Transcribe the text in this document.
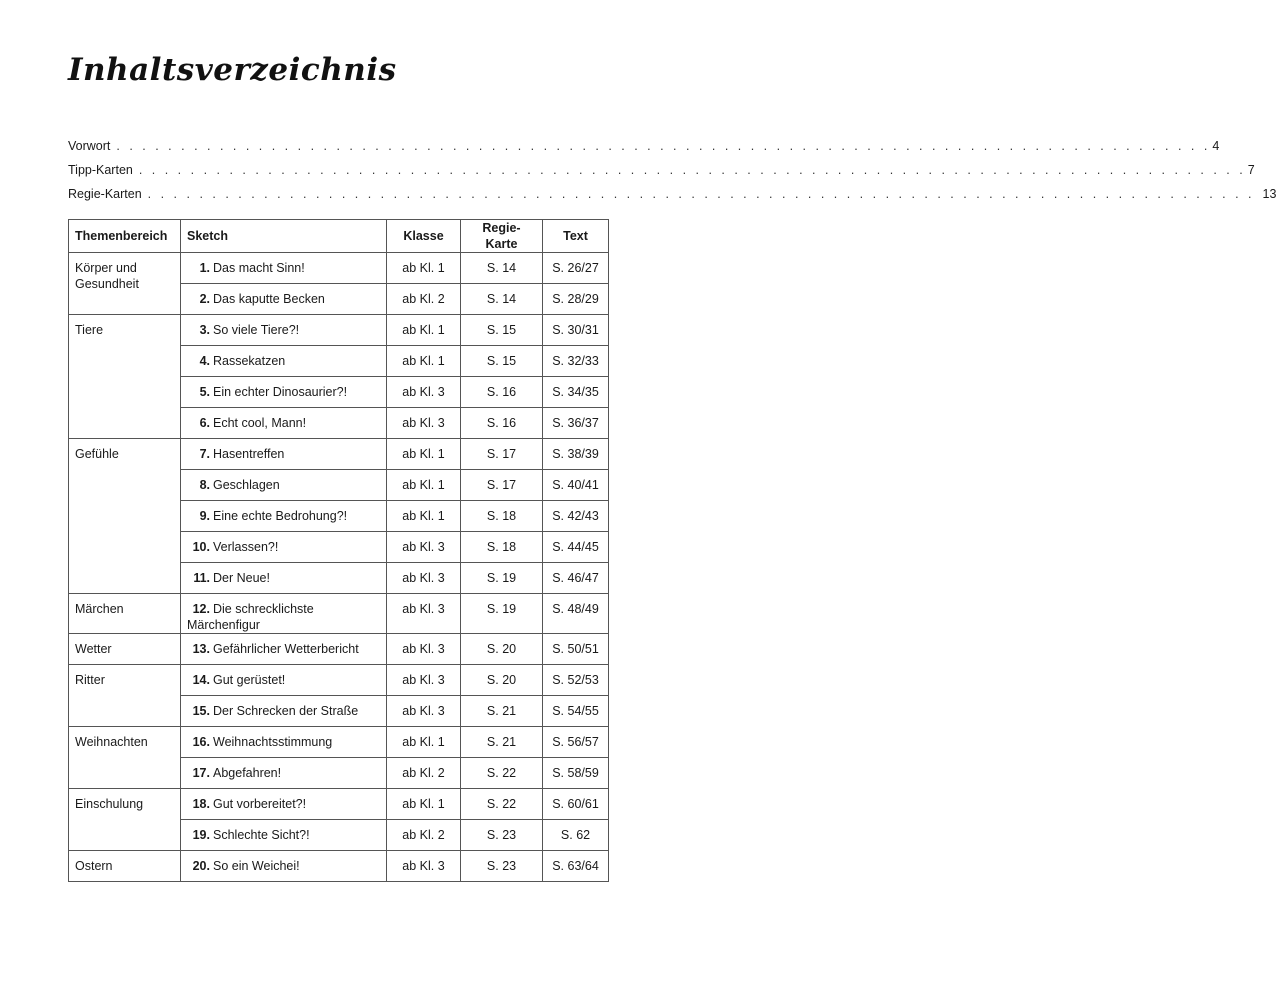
Inhaltsverzeichnis
Vorwort . . . . . . . . . . . . . . . . . . . . . . . . . . . . . . . . . . . . . . . . . . . . . . . . . . . . . . . . . . . . . . . . . . . . . . . . . . . . . . . . . . . . . 4
Tipp-Karten . . . . . . . . . . . . . . . . . . . . . . . . . . . . . . . . . . . . . . . . . . . . . . . . . . . . . . . . . . . . . . . . . . . . . . . . . . . . . . . . . . . . . . 7
Regie-Karten . . . . . . . . . . . . . . . . . . . . . . . . . . . . . . . . . . . . . . . . . . . . . . . . . . . . . . . . . . . . . . . . . . . . . . . . . . . . . . . . . . . . . . 13
Themenbereich	Sketch	Klasse	Regie-Karte	Text
Körper und Gesundheit	1. Das macht Sinn!	ab Kl. 1	S. 14	S. 26/27
	2. Das kaputte Becken	ab Kl. 2	S. 14	S. 28/29
Tiere	3. So viele Tiere?!	ab Kl. 1	S. 15	S. 30/31
	4. Rassekatzen	ab Kl. 1	S. 15	S. 32/33
	5. Ein echter Dinosaurier?!	ab Kl. 3	S. 16	S. 34/35
	6. Echt cool, Mann!	ab Kl. 3	S. 16	S. 36/37
Gefühle	7. Hasentreffen	ab Kl. 1	S. 17	S. 38/39
	8. Geschlagen	ab Kl. 1	S. 17	S. 40/41
	9. Eine echte Bedrohung?!	ab Kl. 1	S. 18	S. 42/43
	10. Verlassen?!	ab Kl. 3	S. 18	S. 44/45
	11. Der Neue!	ab Kl. 3	S. 19	S. 46/47
Märchen	12. Die schrecklichste Märchenfigur	ab Kl. 3	S. 19	S. 48/49
Wetter	13. Gefährlicher Wetterbericht	ab Kl. 3	S. 20	S. 50/51
Ritter	14. Gut gerüstet!	ab Kl. 3	S. 20	S. 52/53
	15. Der Schrecken der Straße	ab Kl. 3	S. 21	S. 54/55
Weihnachten	16. Weihnachtsstimmung	ab Kl. 1	S. 21	S. 56/57
	17. Abgefahren!	ab Kl. 2	S. 22	S. 58/59
Einschulung	18. Gut vorbereitet?!	ab Kl. 1	S. 22	S. 60/61
	19. Schlechte Sicht?!	ab Kl. 2	S. 23	S. 62
Ostern	20. So ein Weichei!	ab Kl. 3	S. 23	S. 63/64
